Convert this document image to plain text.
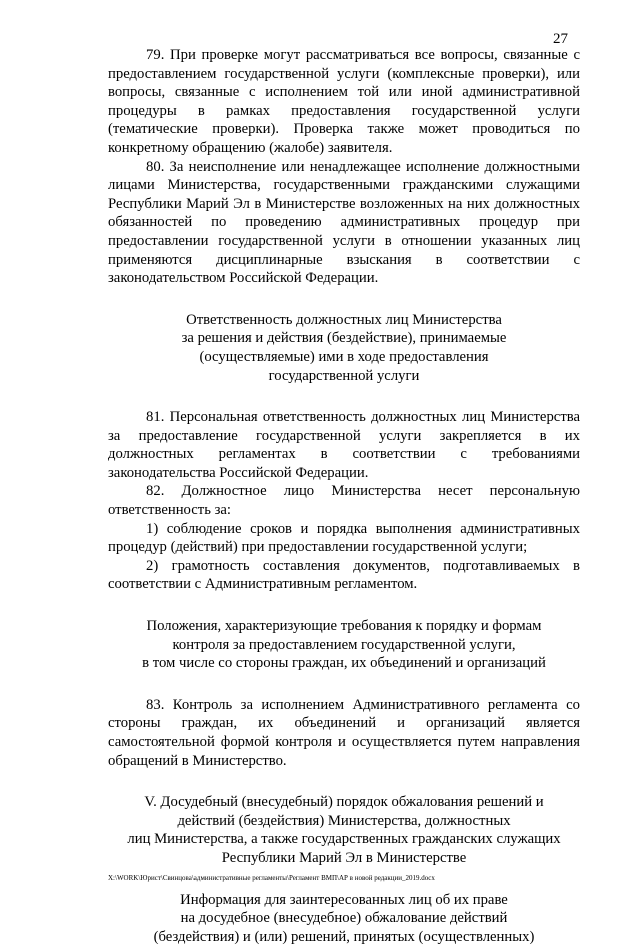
27

79. При проверке могут рассматриваться все вопросы, связанные с предоставлением государственной услуги (комплексные проверки), или вопросы, связанные с исполнением той или иной административной процедуры в рамках предоставления государственной услуги (тематические проверки). Проверка также может проводиться по конкретному обращению (жалобе) заявителя.

80. За неисполнение или ненадлежащее исполнение должностными лицами Министерства, государственными гражданскими служащими Республики Марий Эл в Министерстве возложенных на них должностных обязанностей по проведению административных процедур при предоставлении государственной услуги в отношении указанных лиц применяются дисциплинарные взыскания в соответствии с законодательством Российской Федерации.

Ответственность должностных лиц Министерства
за решения и действия (бездействие), принимаемые
(осуществляемые) ими в ходе предоставления
государственной услуги

81. Персональная ответственность должностных лиц Министерства за предоставление государственной услуги закрепляется в их должностных регламентах в соответствии с требованиями законодательства Российской Федерации.

82. Должностное лицо Министерства несет персональную ответственность за:

1) соблюдение сроков и порядка выполнения административных процедур (действий) при предоставлении государственной услуги;

2) грамотность составления документов, подготавливаемых в соответствии с Административным регламентом.

Положения, характеризующие требования к порядку и формам
контроля за предоставлением государственной услуги,
в том числе со стороны граждан, их объединений и организаций

83. Контроль за исполнением Административного регламента со стороны граждан, их объединений и организаций является самостоятельной формой контроля и осуществляется путем направления обращений в Министерство.

V. Досудебный (внесудебный) порядок обжалования решений и
действий (бездействия) Министерства, должностных
лиц Министерства, а также государственных гражданских служащих
Республики Марий Эл в Министерстве

Информация для заинтересованных лиц об их праве
на досудебное (внесудебное) обжалование действий
(бездействия) и (или) решений, принятых (осуществленных)

X:\WORK\Юрист\Свинцова\административные регламенты\Регламент ВМП\АР в новой редакции_2019.docx
